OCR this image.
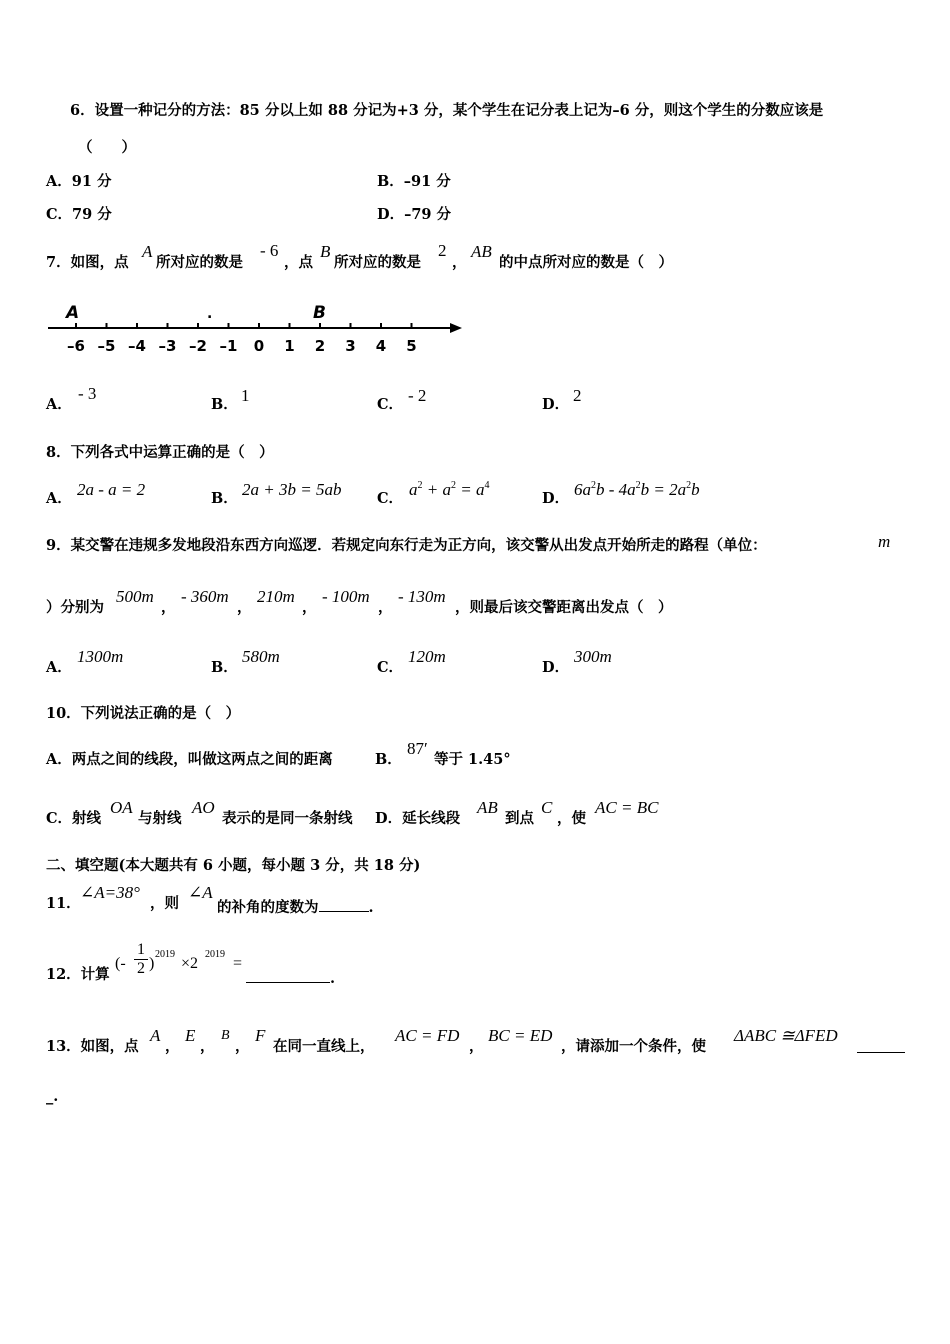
6．设置一种记分的方法：85 分以上如 88 分记为+3 分，某个学生在记分表上记为–6 分，则这个学生的分数应该是
（　　）
A．91 分	B．–91 分
C．79 分	D．–79 分
7．如图，点
A
所对应的数是
- 6
，点
B
所对应的数是
2
，
AB
的中点所对应的数是（　）
–6 –5 –4 –3 –2 –1 0 1 2 3 4 5
A	B
.
A．
- 3
B． 1	C． - 2	D． 2
8．下列各式中运算正确的是（　）
A． 2a - a = 2	B． 2a + 3b = 5ab C． $a^2 + a^2 = a^4$
D． $6a^2b - 4a^2b = 2a^2b$
9．某交警在违规多发地段沿东西方向巡逻．若规定向东行走为正方向，该交警从出发点开始所走的路程（单位：	m
）分别为
500m
，
- 360m
，
210m
，
- 100m
，
- 130m
，则最后该交警距离出发点（　）
A．
1300m
B．
580m
C．
120m
D．
300m
10．下列说法正确的是（　）
A．两点之间的线段，叫做这两点之间的距离	B．
87′
等于 1.45°
C．射线
OA
与射线
AO
表示的是同一条射线 D．延长线段
AB
到点
C
，使
AC = BC
二、填空题(本大题共有 6 小题，每小题 3 分，共 18 分)
11．
∠A=38°
，则
∠A
的补角的度数为	.
12．计算
(-
1
2 )
2019
×2
2019
=
.
13．如图，点
A
，
E
，
B
，
F
在同一直线上，
AC = FD
，
BC = ED
，请添加一个条件，使
ΔABC ≅ΔFED
_.
